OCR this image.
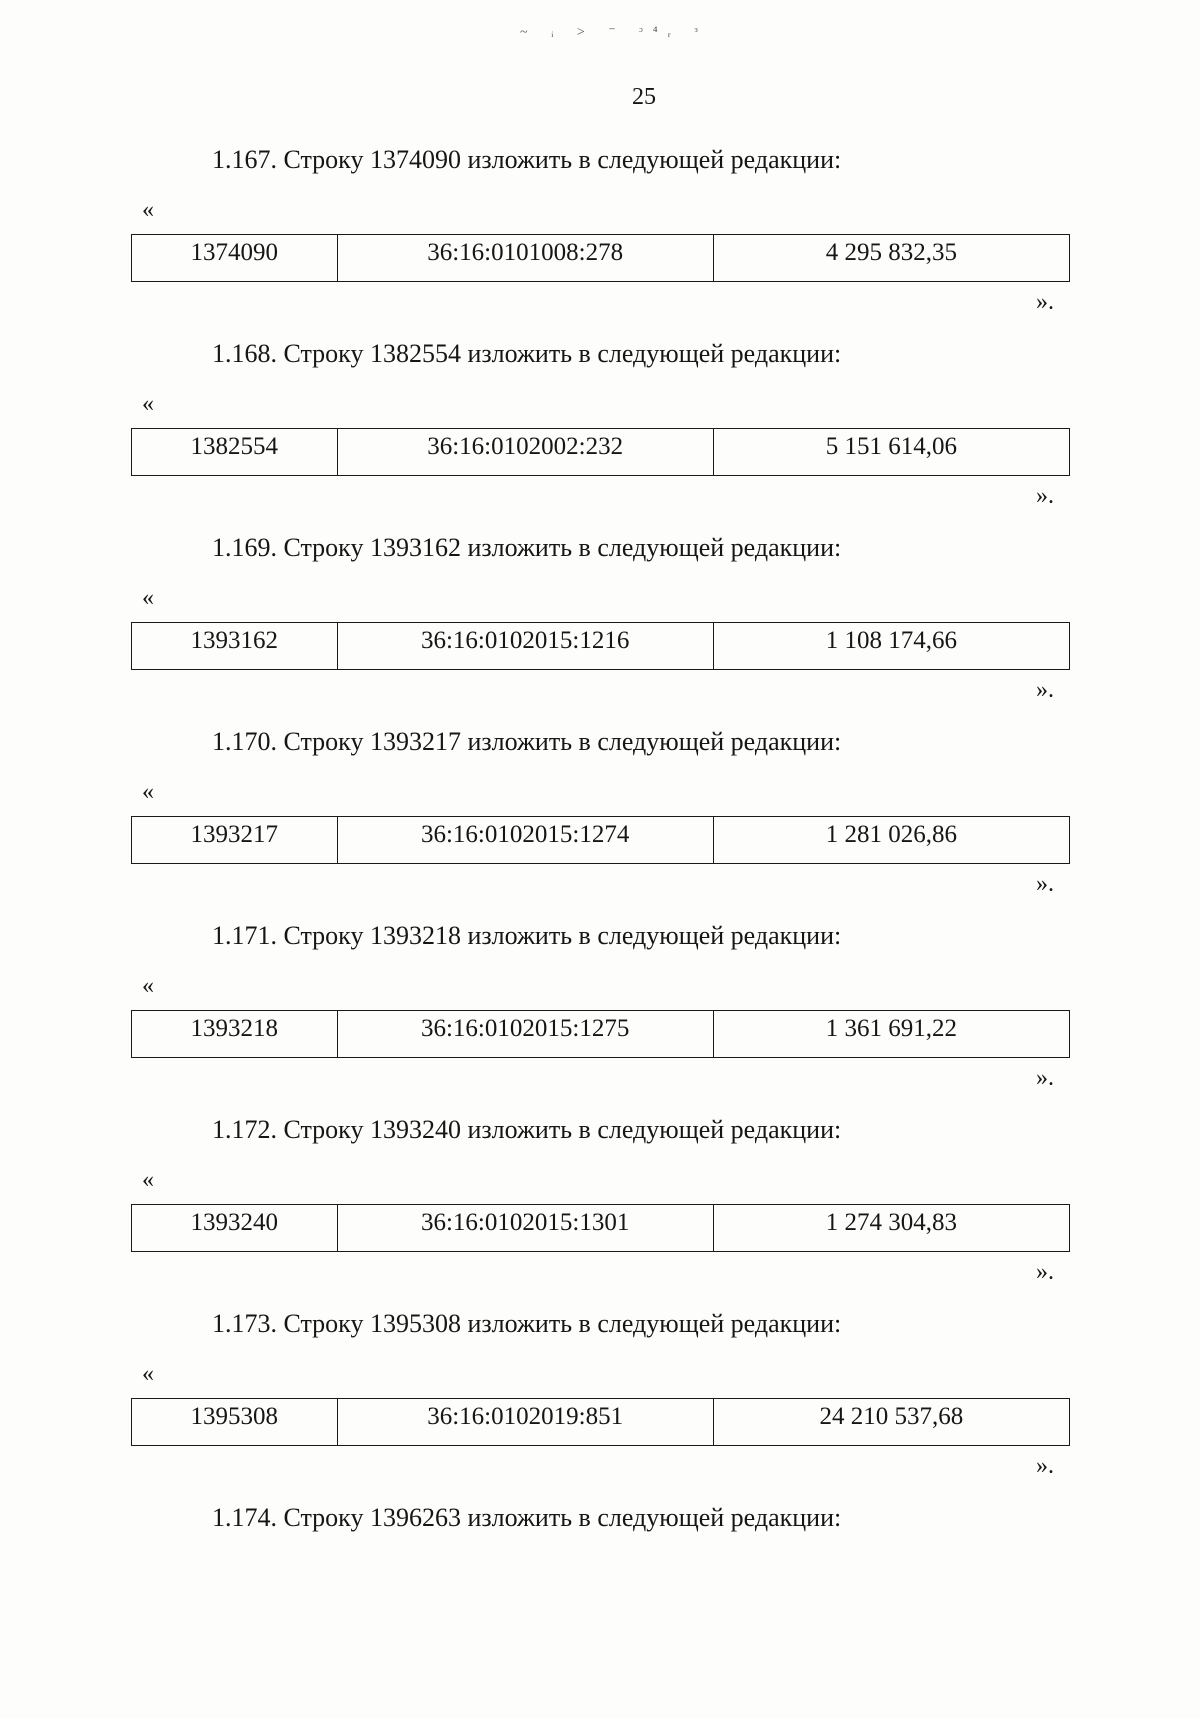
~ ᵢ ˃ ⁻ ᵓ⁴ᵣ ᵌ
25
1.167. Строку 1374090 изложить в следующей редакции:
«
1374090	36:16:0101008:278	4 295 832,35
».
1.168. Строку 1382554 изложить в следующей редакции:
«
1382554	36:16:0102002:232	5 151 614,06
».
1.169. Строку 1393162 изложить в следующей редакции:
«
1393162	36:16:0102015:1216	1 108 174,66
».
1.170. Строку 1393217 изложить в следующей редакции:
«
1393217	36:16:0102015:1274	1 281 026,86
».
1.171. Строку 1393218 изложить в следующей редакции:
«
1393218	36:16:0102015:1275	1 361 691,22
».
1.172. Строку 1393240 изложить в следующей редакции:
«
1393240	36:16:0102015:1301	1 274 304,83
».
1.173. Строку 1395308 изложить в следующей редакции:
«
1395308	36:16:0102019:851	24 210 537,68
».
1.174. Строку 1396263 изложить в следующей редакции:
